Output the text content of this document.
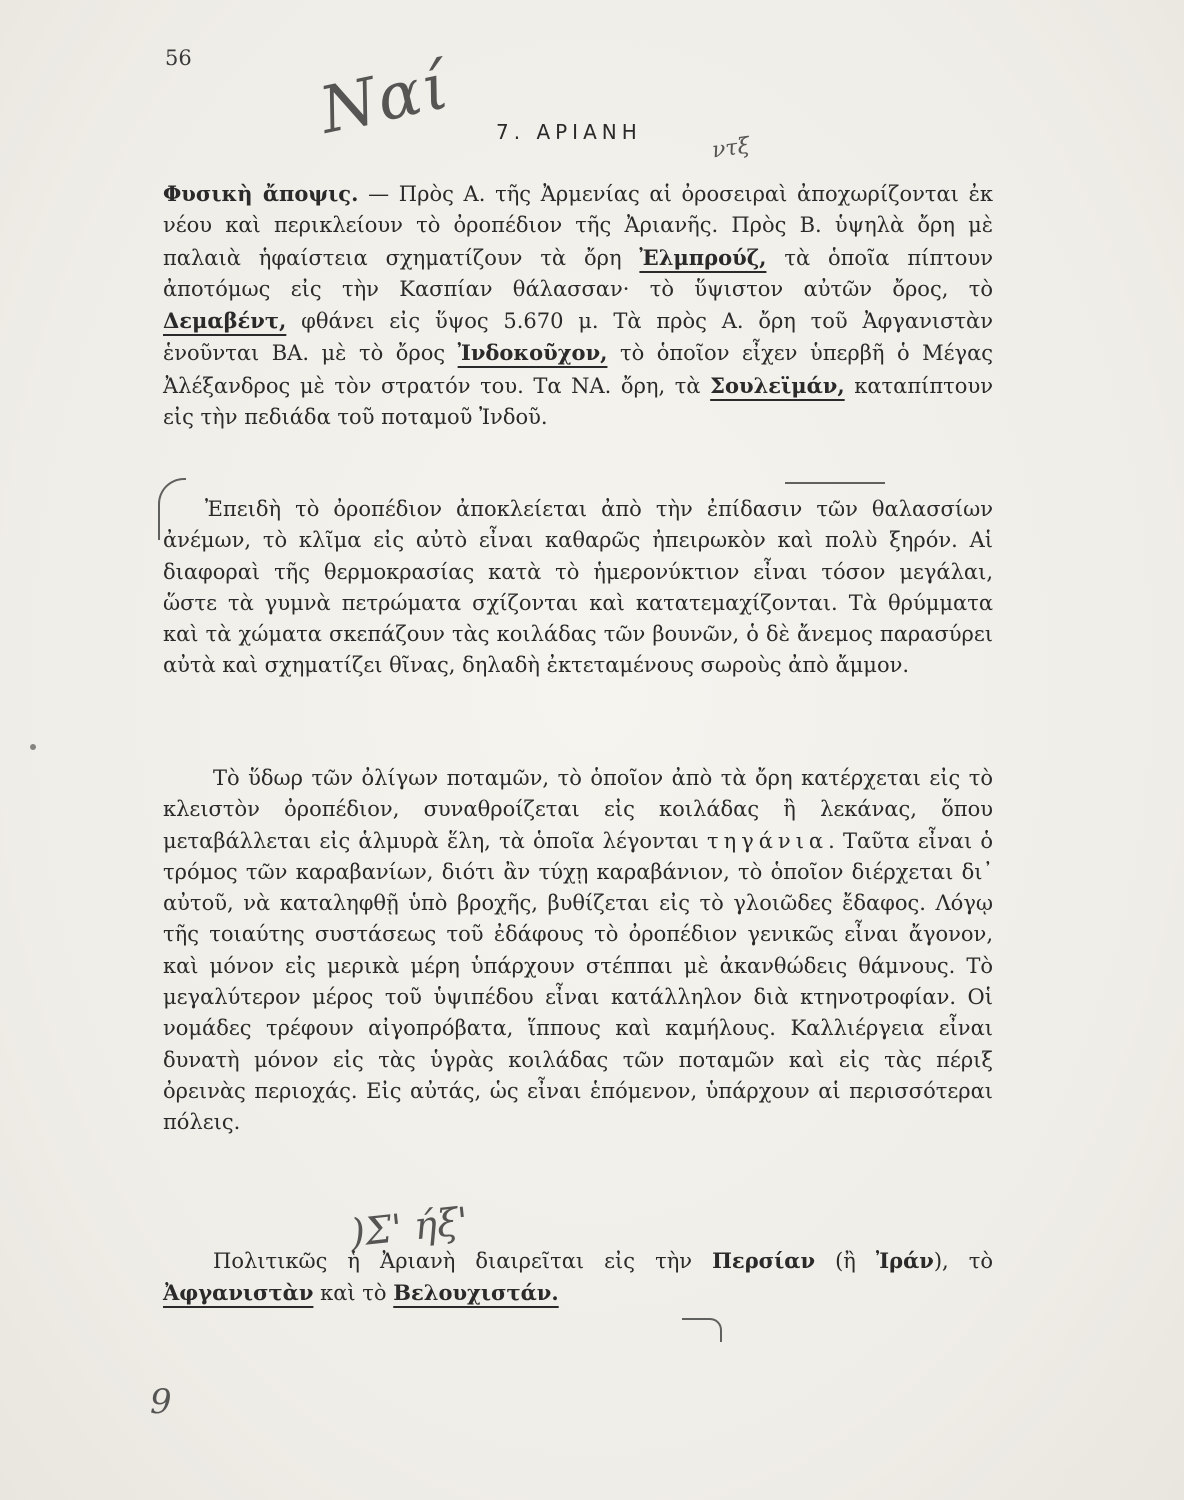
56 Ναί 7. ΑΡΙΑΝΗ
ντξ

Φυσικὴ ἄποψις. — Πρὸς Α. τῆς Ἀρμενίας αἱ ὀροσειραὶ ἀποχωρίζονται ἐκ νέου καὶ περικλείουν τὸ ὀροπέδιον τῆς Ἀριανῆς. Πρὸς Β. ὑψηλὰ ὄρη μὲ παλαιὰ ἡφαίστεια σχηματίζουν τὰ ὄρη Ἐλμπρούζ, τὰ ὁποῖα πίπτουν ἀποτόμως εἰς τὴν Κασπίαν θάλασσαν· τὸ ὕψιστον αὐτῶν ὄρος, τὸ Δεμαβέντ, φθάνει εἰς ὕψος 5.670 μ. Τὰ πρὸς Α. ὄρη τοῦ Ἀφγανιστὰν ἑνοῦνται ΒΑ. μὲ τὸ ὄρος Ἰνδοκοῦχον, τὸ ὁποῖον εἶχεν ὑπερβῆ ὁ Μέγας Ἀλέξανδρος μὲ τὸν στρατόν του. Τα ΝΑ. ὄρη, τὰ Σουλεϊμάν, καταπίπτουν εἰς τὴν πεδιάδα τοῦ ποταμοῦ Ἰνδοῦ.

Ἐπειδὴ τὸ ὀροπέδιον ἀποκλείεται ἀπὸ τὴν ἐπίδασιν τῶν θαλασσίων ἀνέμων, τὸ κλῖμα εἰς αὐτὸ εἶναι καθαρῶς ἠπειρωκὸν καὶ πολὺ ξηρόν. Αἱ διαφοραὶ τῆς θερμοκρασίας κατὰ τὸ ἡμερονύκτιον εἶναι τόσον μεγάλαι, ὥστε τὰ γυμνὰ πετρώματα σχίζονται καὶ κατατεμαχίζονται. Τὰ θρύμματα καὶ τὰ χώματα σκεπάζουν τὰς κοιλάδας τῶν βουνῶν, ὁ δὲ ἄνεμος παρασύρει αὐτὰ καὶ σχηματίζει θῖνας, δηλαδὴ ἐκτεταμένους σωροὺς ἀπὸ ἄμμον.

Τὸ ὕδωρ τῶν ὀλίγων ποταμῶν, τὸ ὁποῖον ἀπὸ τὰ ὄρη κατέρχεται εἰς τὸ κλειστὸν ὀροπέδιον, συναθροίζεται εἰς κοιλάδας ἢ λεκάνας, ὅπου μεταβάλλεται εἰς ἁλμυρὰ ἕλη, τὰ ὁποῖα λέγονται τηγάνια. Ταῦτα εἶναι ὁ τρόμος τῶν καραβανίων, διότι ἂν τύχῃ καραβάνιον, τὸ ὁποῖον διέρχεται δι᾿ αὐτοῦ, νὰ καταληφθῇ ὑπὸ βροχῆς, βυθίζεται εἰς τὸ γλοιῶδες ἔδαφος. Λόγῳ τῆς τοιαύτης συστάσεως τοῦ ἐδάφους τὸ ὀροπέδιον γενικῶς εἶναι ἄγονον, καὶ μόνον εἰς μερικὰ μέρη ὑπάρχουν στέππαι μὲ ἀκανθώδεις θάμνους. Τὸ μεγαλύτερον μέρος τοῦ ὑψιπέδου εἶναι κατάλληλον διὰ κτηνοτροφίαν. Οἱ νομάδες τρέφουν αἰγοπρόβατα, ἵππους καὶ καμήλους. Καλλιέργεια εἶναι δυνατὴ μόνον εἰς τὰς ὑγρὰς κοιλάδας τῶν ποταμῶν καὶ εἰς τὰς πέριξ ὀρεινὰς περιοχάς. Εἰς αὐτάς, ὡς εἶναι ἑπόμενον, ὑπάρχουν αἱ περισσότεραι πόλεις.

)Σ' ήξ'

Πολιτικῶς ἡ Ἀριανὴ διαιρεῖται εἰς τὴν Περσίαν (ἢ Ἰράν), τὸ Ἀφγανιστὰν καὶ τὸ Βελουχιστάν.

9
